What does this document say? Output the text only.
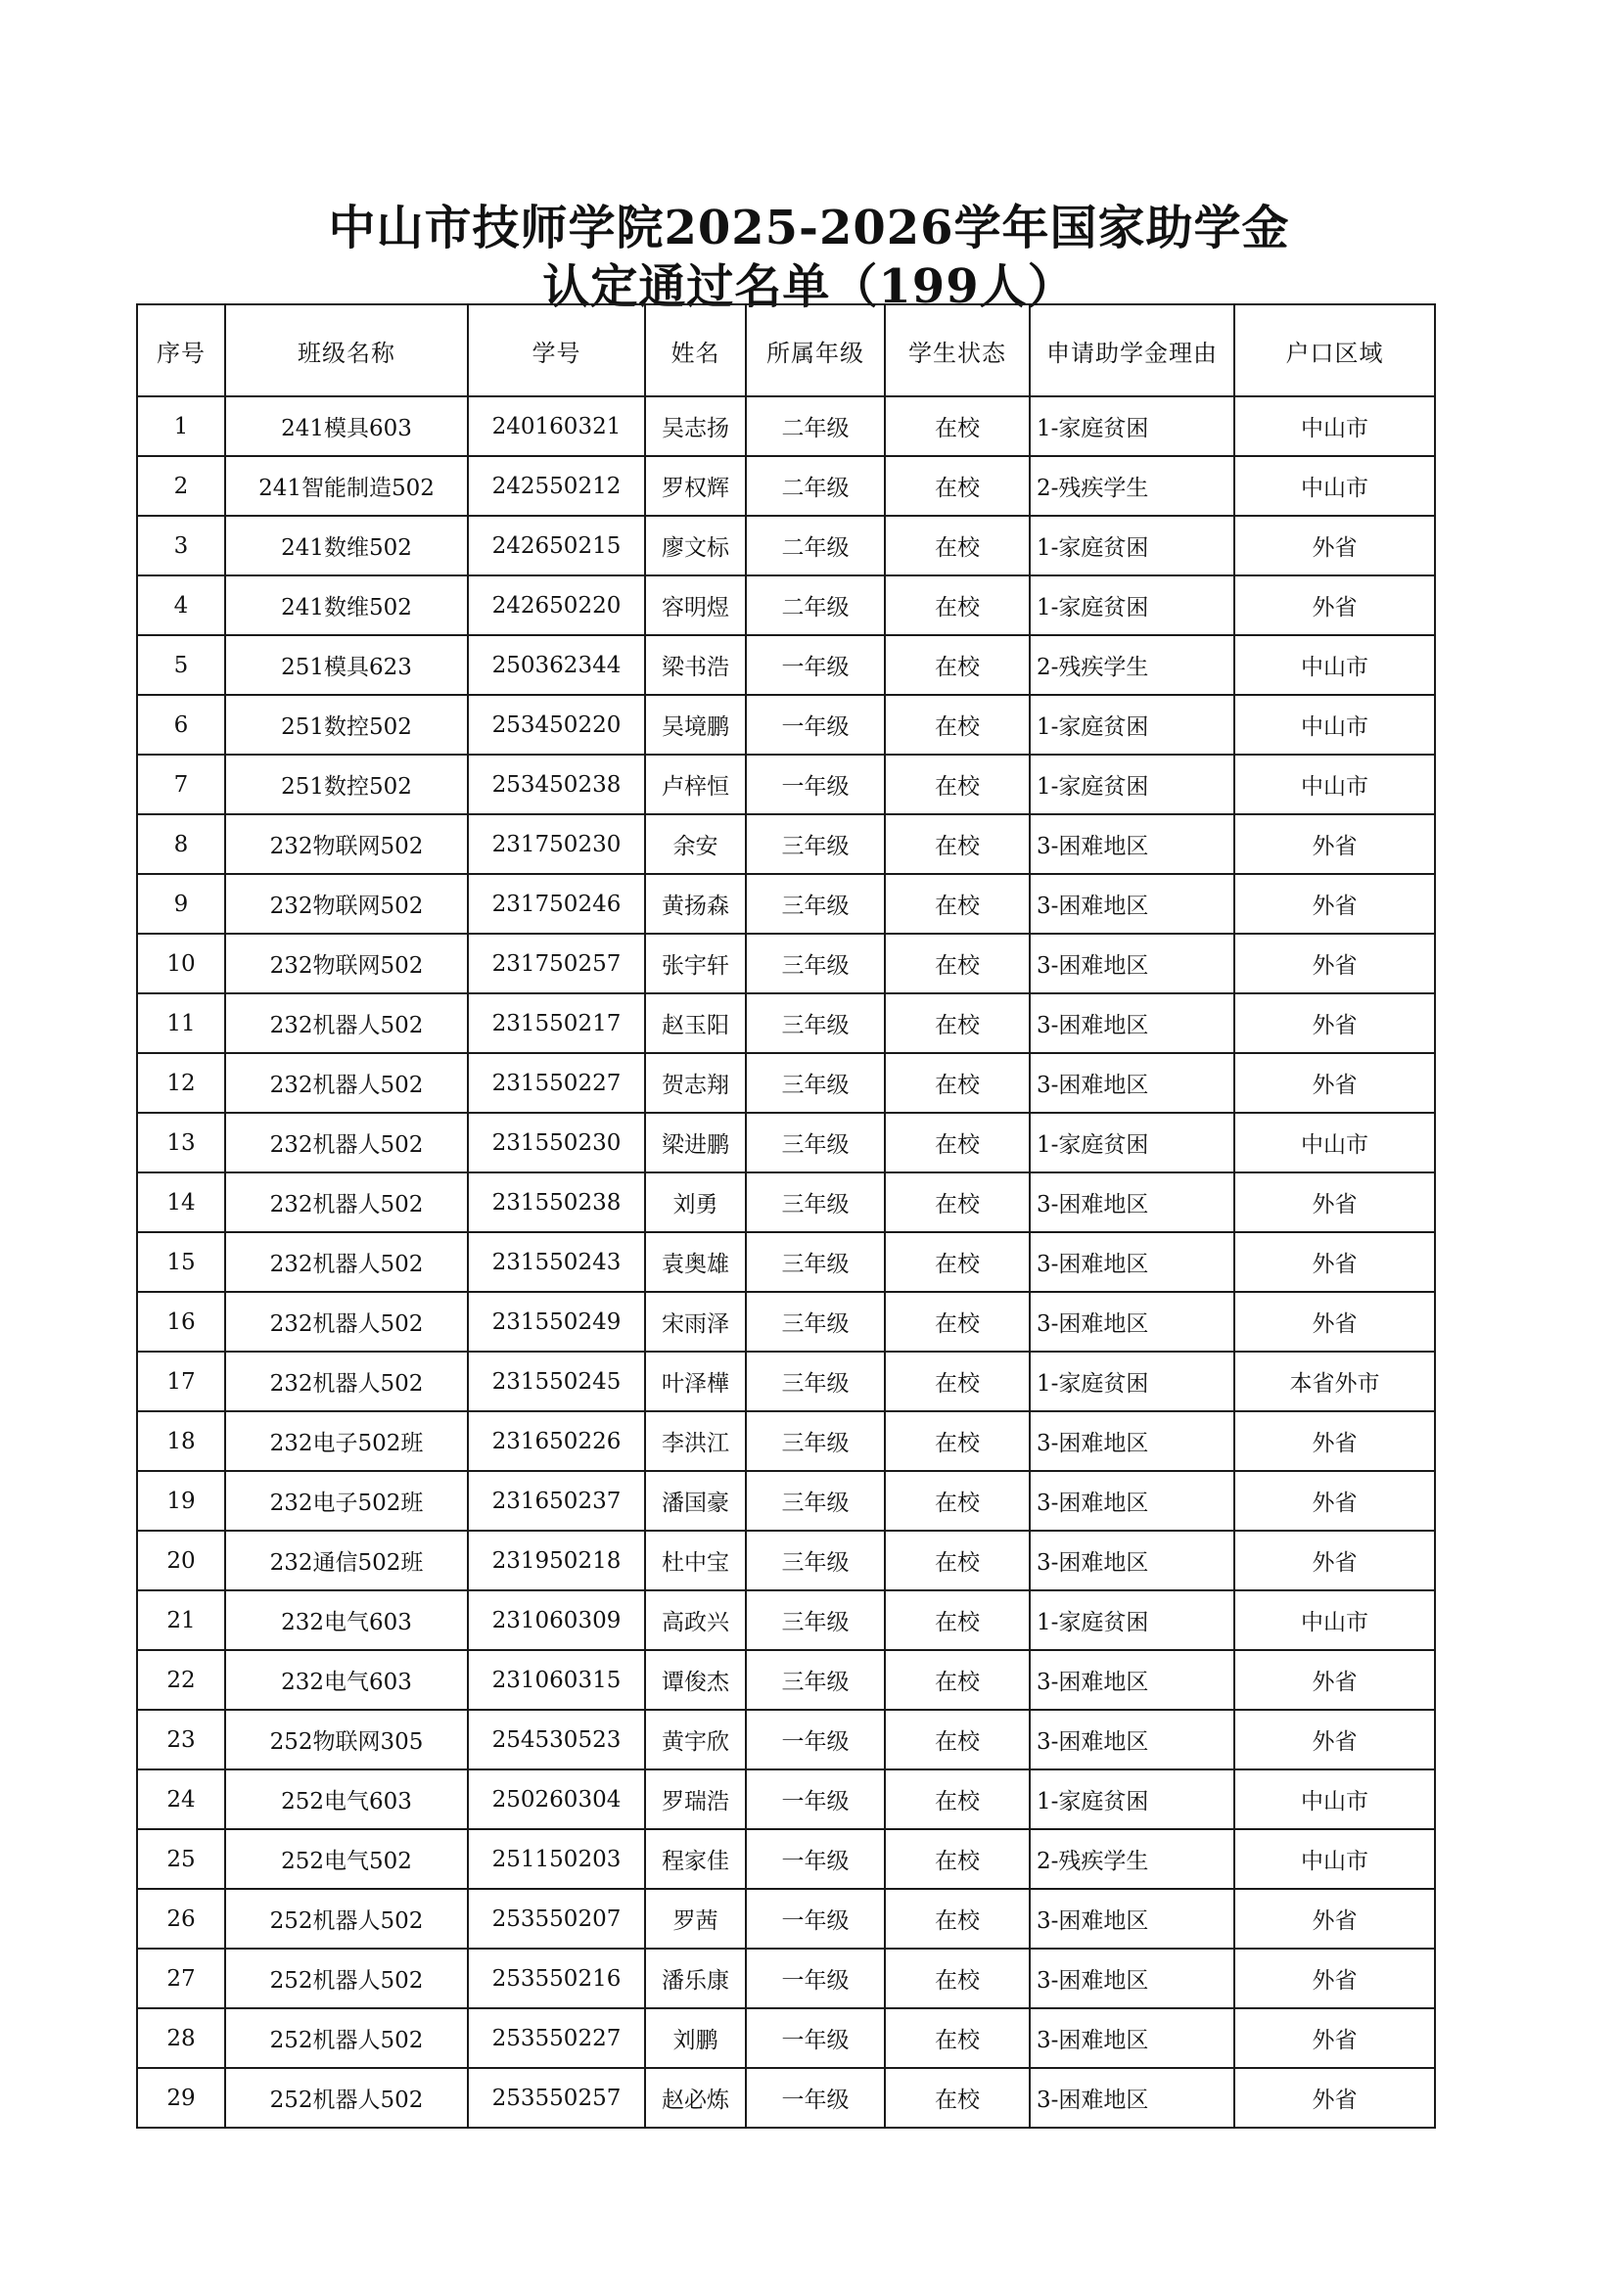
中山市技师学院2025-2026学年国家助学金
认定通过名单（199人）
序号	班级名称	学号	姓名	所属年级	学生状态	申请助学金理由	户口区域
1	241模具603	240160321	吴志扬	二年级	在校	1-家庭贫困	中山市
2	241智能制造502	242550212	罗权辉	二年级	在校	2-残疾学生	中山市
3	241数维502	242650215	廖文标	二年级	在校	1-家庭贫困	外省
4	241数维502	242650220	容明煜	二年级	在校	1-家庭贫困	外省
5	251模具623	250362344	梁书浩	一年级	在校	2-残疾学生	中山市
6	251数控502	253450220	吴境鹏	一年级	在校	1-家庭贫困	中山市
7	251数控502	253450238	卢梓恒	一年级	在校	1-家庭贫困	中山市
8	232物联网502	231750230	余安	三年级	在校	3-困难地区	外省
9	232物联网502	231750246	黄扬森	三年级	在校	3-困难地区	外省
10	232物联网502	231750257	张宇轩	三年级	在校	3-困难地区	外省
11	232机器人502	231550217	赵玉阳	三年级	在校	3-困难地区	外省
12	232机器人502	231550227	贺志翔	三年级	在校	3-困难地区	外省
13	232机器人502	231550230	梁进鹏	三年级	在校	1-家庭贫困	中山市
14	232机器人502	231550238	刘勇	三年级	在校	3-困难地区	外省
15	232机器人502	231550243	袁奥雄	三年级	在校	3-困难地区	外省
16	232机器人502	231550249	宋雨泽	三年级	在校	3-困难地区	外省
17	232机器人502	231550245	叶泽樺	三年级	在校	1-家庭贫困	本省外市
18	232电子502班	231650226	李洪江	三年级	在校	3-困难地区	外省
19	232电子502班	231650237	潘国豪	三年级	在校	3-困难地区	外省
20	232通信502班	231950218	杜中宝	三年级	在校	3-困难地区	外省
21	232电气603	231060309	高政兴	三年级	在校	1-家庭贫困	中山市
22	232电气603	231060315	谭俊杰	三年级	在校	3-困难地区	外省
23	252物联网305	254530523	黄宇欣	一年级	在校	3-困难地区	外省
24	252电气603	250260304	罗瑞浩	一年级	在校	1-家庭贫困	中山市
25	252电气502	251150203	程家佳	一年级	在校	2-残疾学生	中山市
26	252机器人502	253550207	罗茜	一年级	在校	3-困难地区	外省
27	252机器人502	253550216	潘乐康	一年级	在校	3-困难地区	外省
28	252机器人502	253550227	刘鹏	一年级	在校	3-困难地区	外省
29	252机器人502	253550257	赵必炼	一年级	在校	3-困难地区	外省
